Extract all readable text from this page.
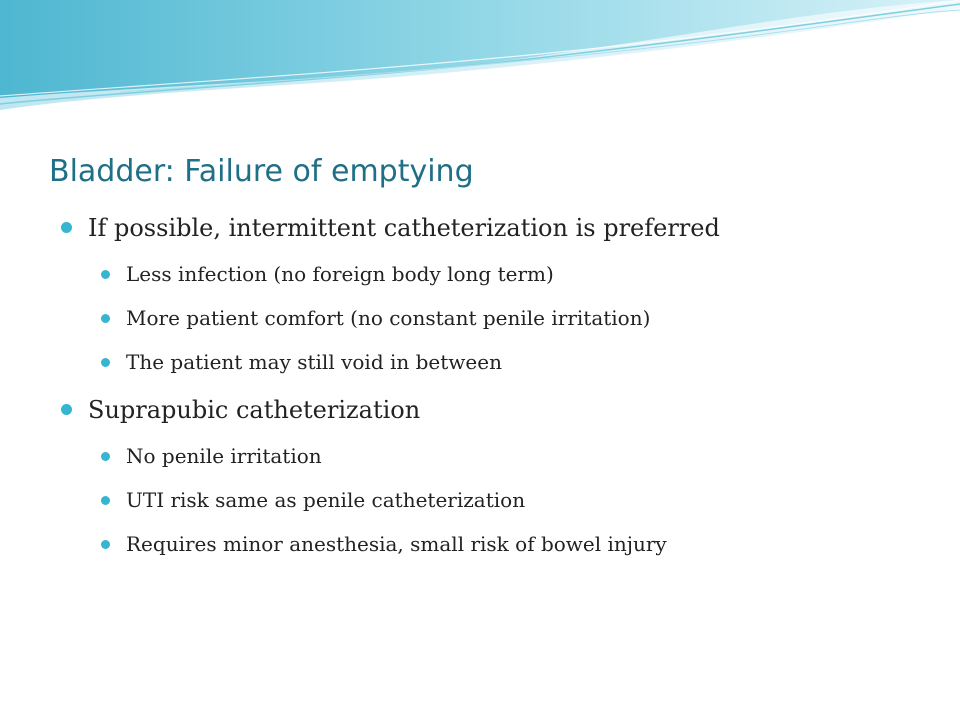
Bladder: Failure of emptying
If possible, intermittent catheterization is preferred
Less infection (no foreign body long term)
More patient comfort (no constant penile irritation)
The patient may still void in between
Suprapubic catheterization
No penile irritation
UTI risk same as penile catheterization
Requires minor anesthesia, small risk of bowel injury
